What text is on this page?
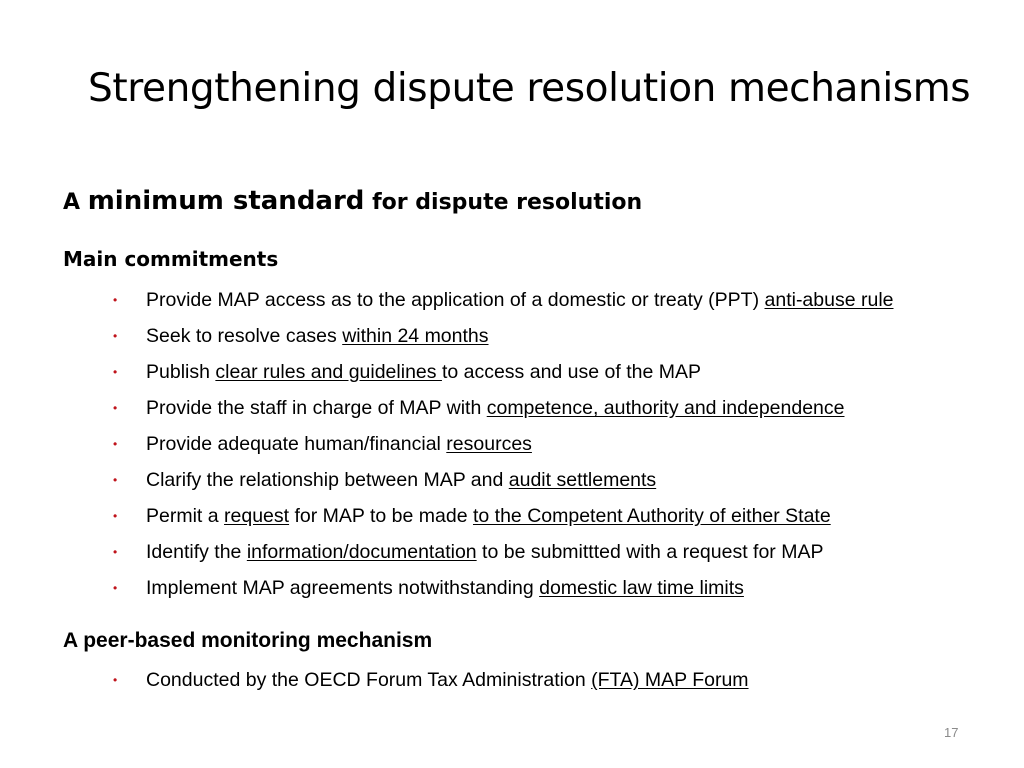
Strengthening dispute resolution mechanisms
A minimum standard for dispute resolution
Main commitments
• Provide MAP access as to the application of a domestic or treaty (PPT) anti-abuse rule
• Seek to resolve cases within 24 months
• Publish clear rules and guidelines to access and use of the MAP
• Provide the staff in charge of MAP with competence, authority and independence
• Provide adequate human/financial resources
• Clarify the relationship between MAP and audit settlements
• Permit a request for MAP to be made to the Competent Authority of either State
• Identify the information/documentation to be submittted with a request for MAP
• Implement MAP agreements notwithstanding domestic law time limits
A peer-based monitoring mechanism
• Conducted by the OECD Forum Tax Administration (FTA) MAP Forum
17
